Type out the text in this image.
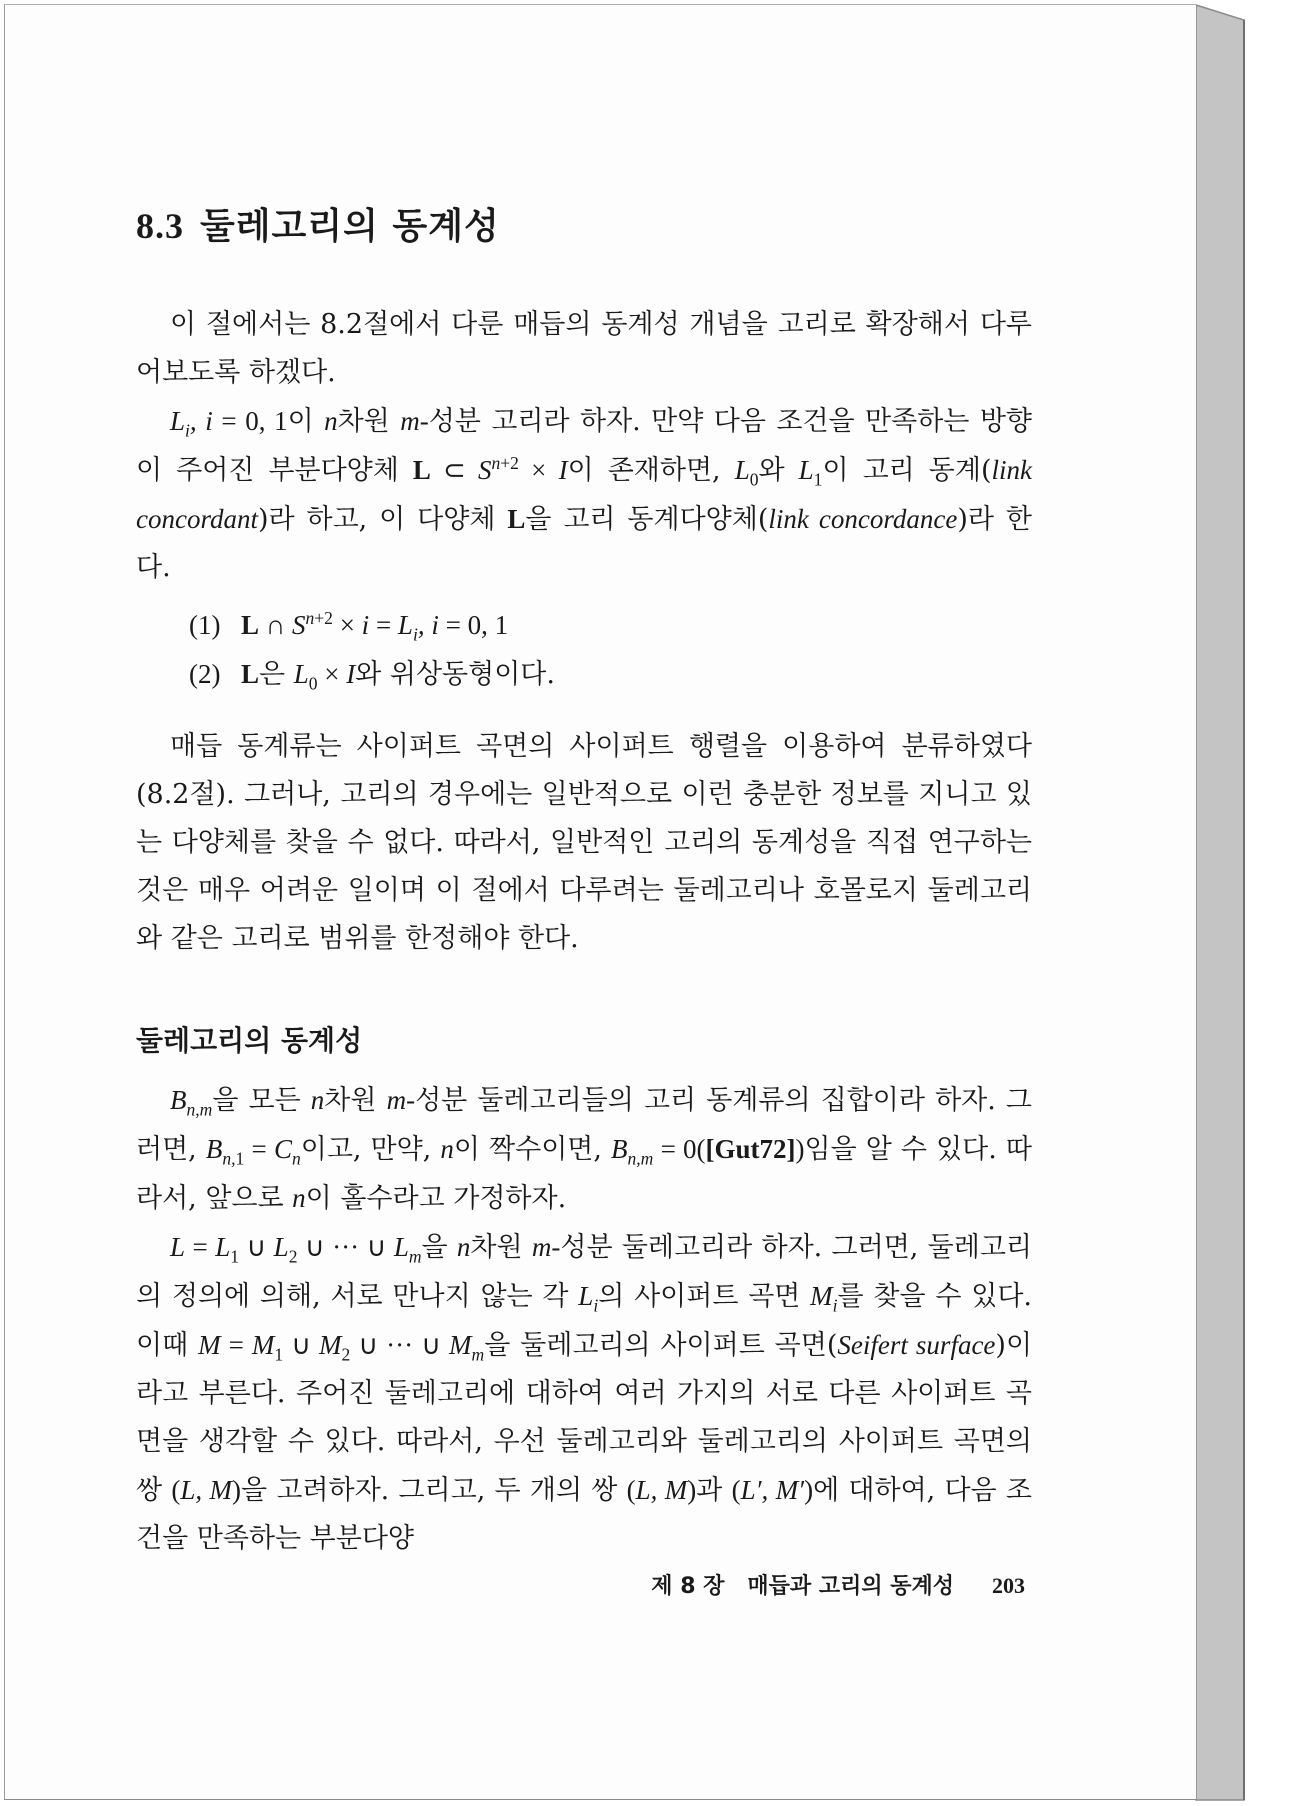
8.3 둘레고리의 동계성

이 절에서는 8.2절에서 다룬 매듭의 동계성 개념을 고리로 확장해서 다루어보도록 하겠다.

$L_i$, i = 0, 1이 n차원 m-성분 고리라 하자. 만약 다음 조건을 만족하는 방향이 주어진 부분다양체 L ⊂ $S^{n+2} \times I$이 존재하면, $L_0$와 $L_1$이 고리 동계(link concordant)라 하고, 이 다양체 L을 고리 동계다양체(link concordance)라 한다.

(1) L ∩ $S^{n+2} \times i = L_i$, i = 0, 1
(2) L은 $L_0 \times I$와 위상동형이다.

매듭 동계류는 사이퍼트 곡면의 사이퍼트 행렬을 이용하여 분류하였다(8.2절). 그러나, 고리의 경우에는 일반적으로 이런 충분한 정보를 지니고 있는 다양체를 찾을 수 없다. 따라서, 일반적인 고리의 동계성을 직접 연구하는 것은 매우 어려운 일이며 이 절에서 다루려는 둘레고리나 호몰로지 둘레고리와 같은 고리로 범위를 한정해야 한다.

둘레고리의 동계성

$B_{n,m}$을 모든 n차원 m-성분 둘레고리들의 고리 동계류의 집합이라 하자. 그러면, $B_{n,1} = C_n$이고, 만약, n이 짝수이면, $B_{n,m} = 0([Gut72])$임을 알 수 있다. 따라서, 앞으로 n이 홀수라고 가정하자.

$L = L_1$ ∪ $L_2$ ∪ ··· ∪ $L_m$을 n차원 m-성분 둘레고리라 하자. 그러면, 둘레고리의 정의에 의해, 서로 만나지 않는 각 $L_i$의 사이퍼트 곡면 $M_i$를 찾을 수 있다. 이때 $M = M_1$ ∪ $M_2$ ∪ ··· ∪ $M_m$을 둘레고리의 사이퍼트 곡면(Seifert surface)이라고 부른다. 주어진 둘레고리에 대하여 여러 가지의 서로 다른 사이퍼트 곡면을 생각할 수 있다. 따라서, 우선 둘레고리와 둘레고리의 사이퍼트 곡면의 쌍 (L, M)을 고려하자. 그리고, 두 개의 쌍 (L, M)과 (L′, M′)에 대하여, 다음 조건을 만족하는 부분다양

제 8 장 매듭과 고리의 동계성 203
